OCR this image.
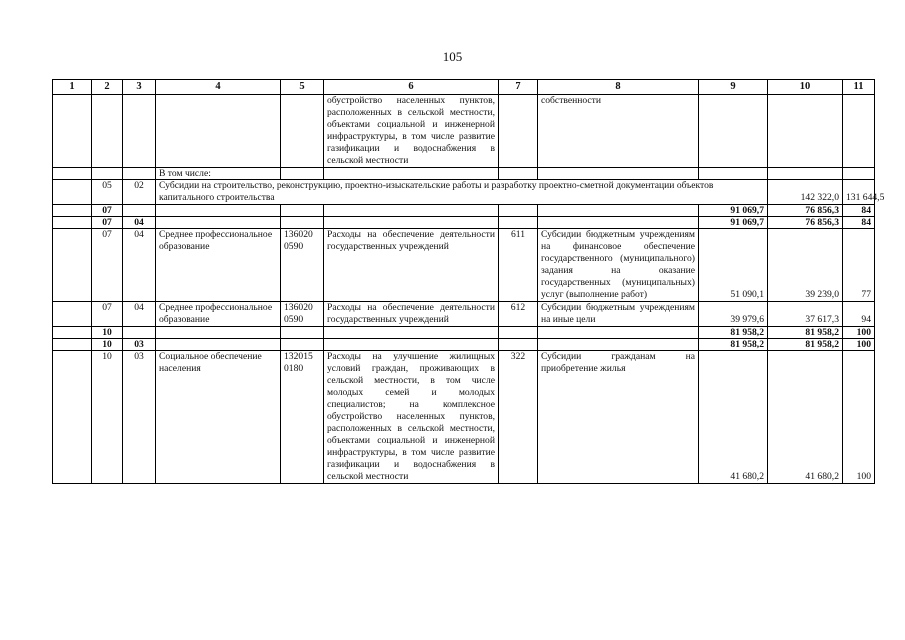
105
1	2	3	4	5	6	7	8	9	10	11	
					обустройство населенных пунктов, расположенных в сельской местности, объектами социальной и инженерной инфраструктуры, в том числе развитие газификации и водоснабжения в сельской местности		собственности				
			В том числе:								
	05	02	Субсидии на строительство, реконструкцию, проектно-изыскательские работы и разработку проектно-сметной документации объектов капитального строительства						142 322,0	131 644,5	
	07							91 069,7	76 856,3	84	
	07	04						91 069,7	76 856,3	84	
	07	04	Среднее профессиональное образование	136020
0590	Расходы на обеспечение деятельности государственных учреждений	611	Субсидии бюджетным учреждениям на финансовое обеспечение государственного (муниципального) задания на оказание государственных (муниципальных) услуг (выполнение работ)	51 090,1	39 239,0	77	
	07	04	Среднее профессиональное образование	136020
0590	Расходы на обеспечение деятельности государственных учреждений	612	Субсидии бюджетным учреждениям на иные цели	39 979,6	37 617,3	94	
	10							81 958,2	81 958,2	100	
	10	03						81 958,2	81 958,2	100	
	10	03	Социальное обеспечение населения	132015
0180	Расходы на улучшение жилищных условий граждан, проживающих в сельской местности, в том числе молодых семей и молодых специалистов; на комплексное обустройство населенных пунктов, расположенных в сельской местности, объектами социальной и инженерной инфраструктуры, в том числе развитие газификации и водоснабжения в сельской местности	322	Субсидии гражданам на приобретение жилья	41 680,2	41 680,2	100	
